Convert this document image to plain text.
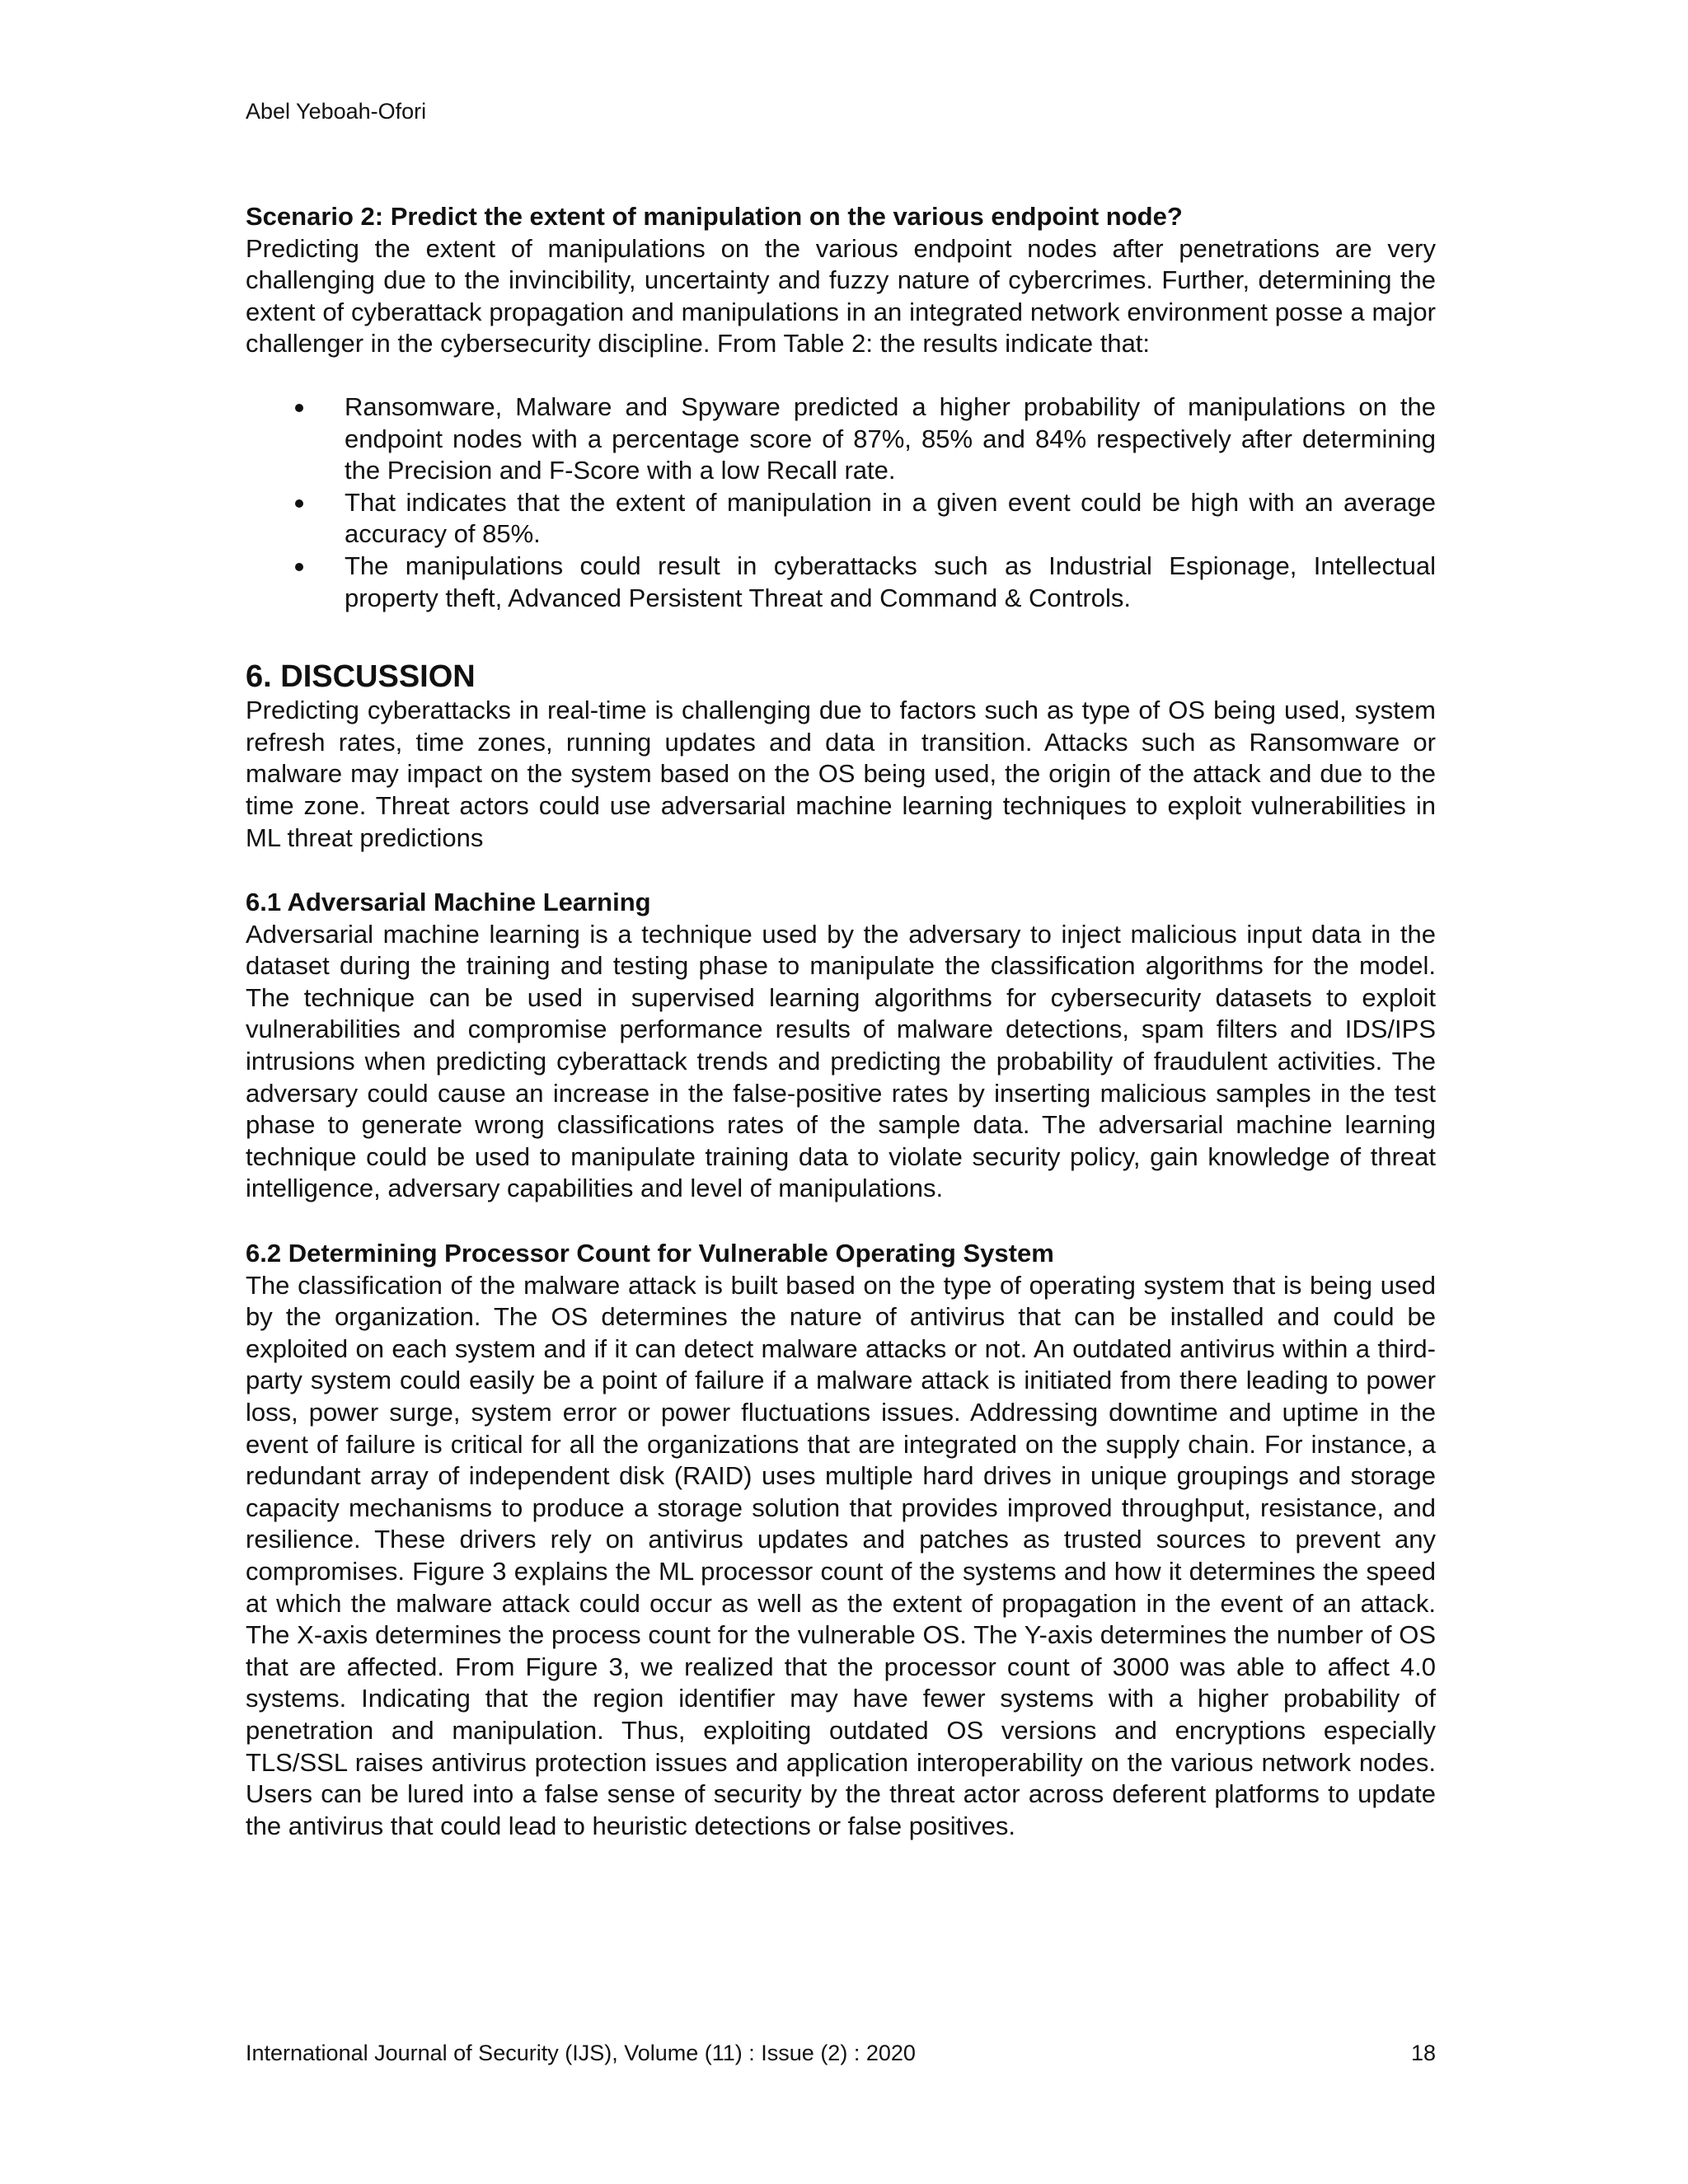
Abel Yeboah-Ofori

Scenario 2: Predict the extent of manipulation on the various endpoint node?

Predicting the extent of manipulations on the various endpoint nodes after penetrations are very challenging due to the invincibility, uncertainty and fuzzy nature of cybercrimes. Further, determining the extent of cyberattack propagation and manipulations in an integrated network environment posse a major challenger in the cybersecurity discipline. From Table 2: the results indicate that:

Ransomware, Malware and Spyware predicted a higher probability of manipulations on the endpoint nodes with a percentage score of 87%, 85% and 84% respectively after determining the Precision and F-Score with a low Recall rate.
That indicates that the extent of manipulation in a given event could be high with an average accuracy of 85%.
The manipulations could result in cyberattacks such as Industrial Espionage, Intellectual property theft, Advanced Persistent Threat and Command & Controls.

6. DISCUSSION

Predicting cyberattacks in real-time is challenging due to factors such as type of OS being used, system refresh rates, time zones, running updates and data in transition. Attacks such as Ransomware or malware may impact on the system based on the OS being used, the origin of the attack and due to the time zone. Threat actors could use adversarial machine learning techniques to exploit vulnerabilities in ML threat predictions

6.1 Adversarial Machine Learning

Adversarial machine learning is a technique used by the adversary to inject malicious input data in the dataset during the training and testing phase to manipulate the classification algorithms for the model. The technique can be used in supervised learning algorithms for cybersecurity datasets to exploit vulnerabilities and compromise performance results of malware detections, spam filters and IDS/IPS intrusions when predicting cyberattack trends and predicting the probability of fraudulent activities. The adversary could cause an increase in the false-positive rates by inserting malicious samples in the test phase to generate wrong classifications rates of the sample data. The adversarial machine learning technique could be used to manipulate training data to violate security policy, gain knowledge of threat intelligence, adversary capabilities and level of manipulations.

6.2 Determining Processor Count for Vulnerable Operating System

The classification of the malware attack is built based on the type of operating system that is being used by the organization. The OS determines the nature of antivirus that can be installed and could be exploited on each system and if it can detect malware attacks or not. An outdated antivirus within a third-party system could easily be a point of failure if a malware attack is initiated from there leading to power loss, power surge, system error or power fluctuations issues. Addressing downtime and uptime in the event of failure is critical for all the organizations that are integrated on the supply chain. For instance, a redundant array of independent disk (RAID) uses multiple hard drives in unique groupings and storage capacity mechanisms to produce a storage solution that provides improved throughput, resistance, and resilience. These drivers rely on antivirus updates and patches as trusted sources to prevent any compromises. Figure 3 explains the ML processor count of the systems and how it determines the speed at which the malware attack could occur as well as the extent of propagation in the event of an attack. The X-axis determines the process count for the vulnerable OS. The Y-axis determines the number of OS that are affected. From Figure 3, we realized that the processor count of 3000 was able to affect 4.0 systems. Indicating that the region identifier may have fewer systems with a higher probability of penetration and manipulation. Thus, exploiting outdated OS versions and encryptions especially TLS/SSL raises antivirus protection issues and application interoperability on the various network nodes. Users can be lured into a false sense of security by the threat actor across deferent platforms to update the antivirus that could lead to heuristic detections or false positives.

International Journal of Security (IJS), Volume (11) : Issue (2) : 2020	18
